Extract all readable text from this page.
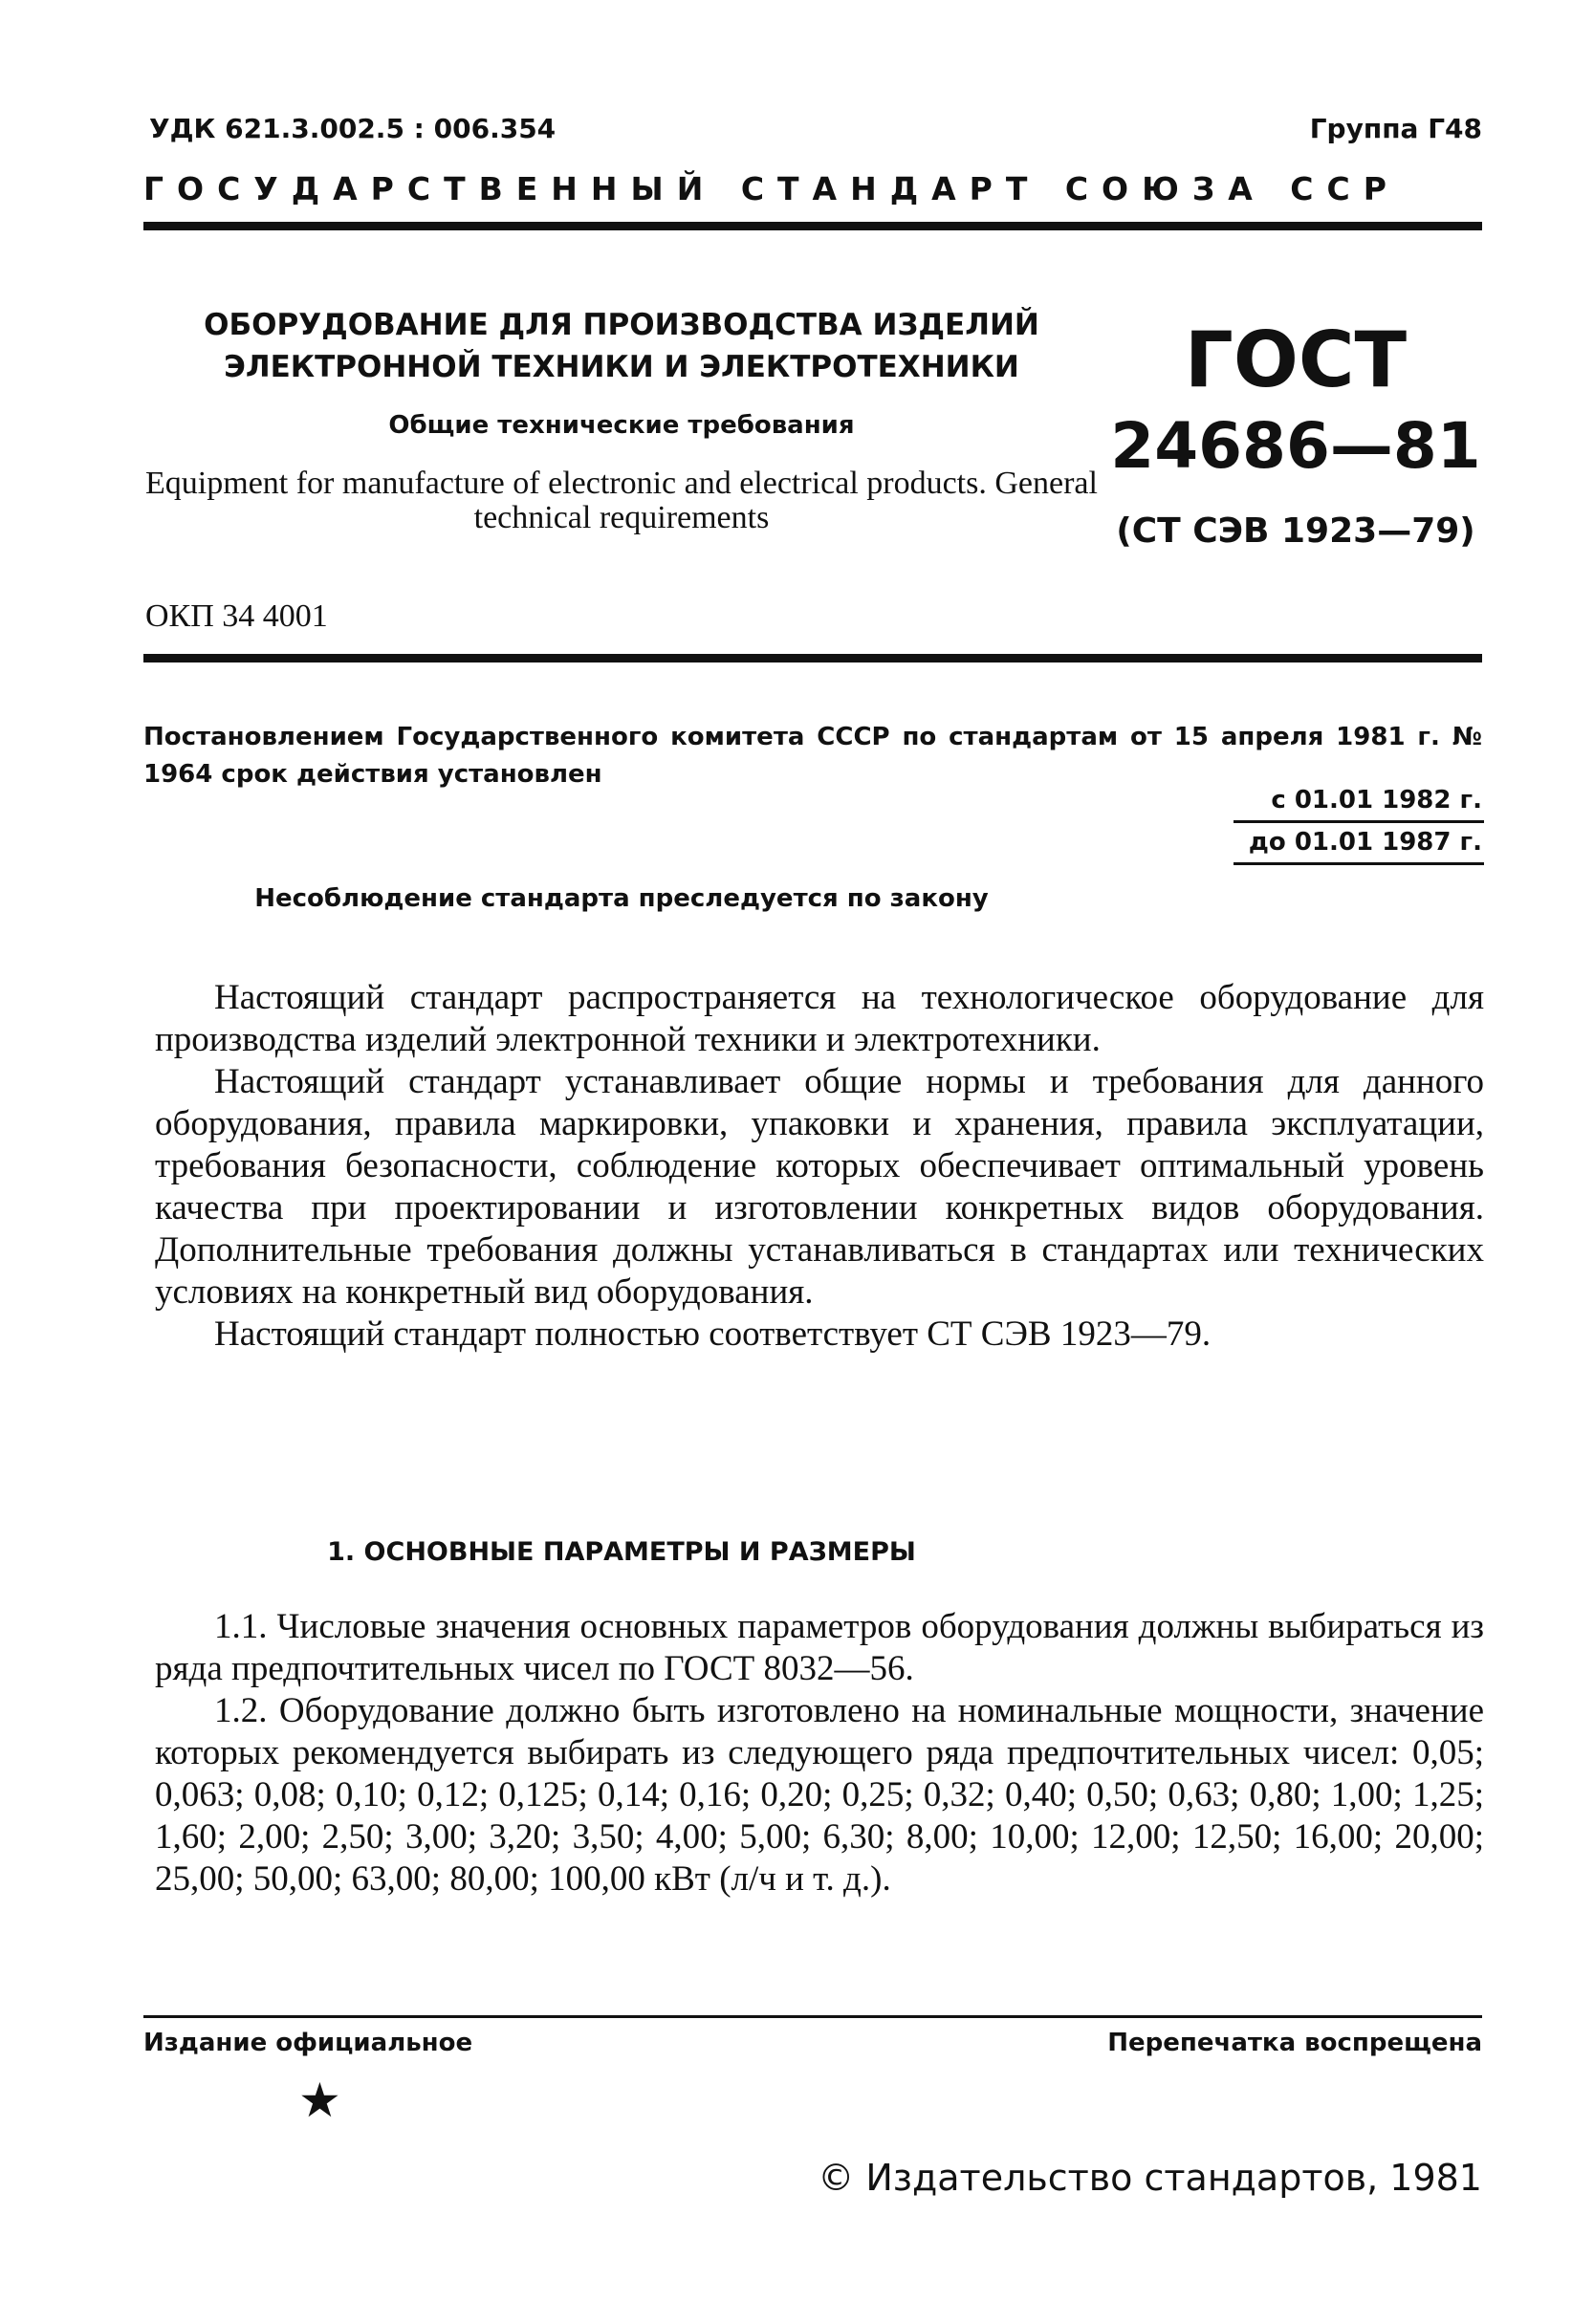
УДК 621.3.002.5 : 006.354	Группа Г48
ГОСУДАРСТВЕННЫЙ СТАНДАРТ СОЮЗА ССР
ОБОРУДОВАНИЕ ДЛЯ ПРОИЗВОДСТВА ИЗДЕЛИЙ
ЭЛЕКТРОННОЙ ТЕХНИКИ И ЭЛЕКТРОТЕХНИКИ
Общие технические требования
Equipment for manufacture of electronic and electrical products. General technical requirements
ГОСТ
24686—81
(СТ СЭВ 1923—79)
ОКП 34 4001
Постановлением Государственного комитета СССР по стандартам от 15 апреля 1981 г. № 1964 срок действия установлен
с 01.01 1982 г.
до 01.01 1987 г.
Несоблюдение стандарта преследуется по закону

Настоящий стандарт распространяется на технологическое оборудование для производства изделий электронной техники и электротехники.

Настоящий стандарт устанавливает общие нормы и требования для данного оборудования, правила маркировки, упаковки и хранения, правила эксплуатации, требования безопасности, соблюдение которых обеспечивает оптимальный уровень качества при проектировании и изготовлении конкретных видов оборудования. Дополнительные требования должны устанавливаться в стандартах или технических условиях на конкретный вид оборудования.

Настоящий стандарт полностью соответствует СТ СЭВ 1923—79.

1. ОСНОВНЫЕ ПАРАМЕТРЫ И РАЗМЕРЫ

1.1. Числовые значения основных параметров оборудования должны выбираться из ряда предпочтительных чисел по ГОСТ 8032—56.

1.2. Оборудование должно быть изготовлено на номинальные мощности, значение которых рекомендуется выбирать из следующего ряда предпочтительных чисел: 0,05; 0,063; 0,08; 0,10; 0,12; 0,125; 0,14; 0,16; 0,20; 0,25; 0,32; 0,40; 0,50; 0,63; 0,80; 1,00; 1,25; 1,60; 2,00; 2,50; 3,00; 3,20; 3,50; 4,00; 5,00; 6,30; 8,00; 10,00; 12,00; 12,50; 16,00; 20,00; 25,00; 50,00; 63,00; 80,00; 100,00 кВт (л/ч и т. д.).

Издание официальное	Перепечатка воспрещена
★
© Издательство стандартов, 1981
